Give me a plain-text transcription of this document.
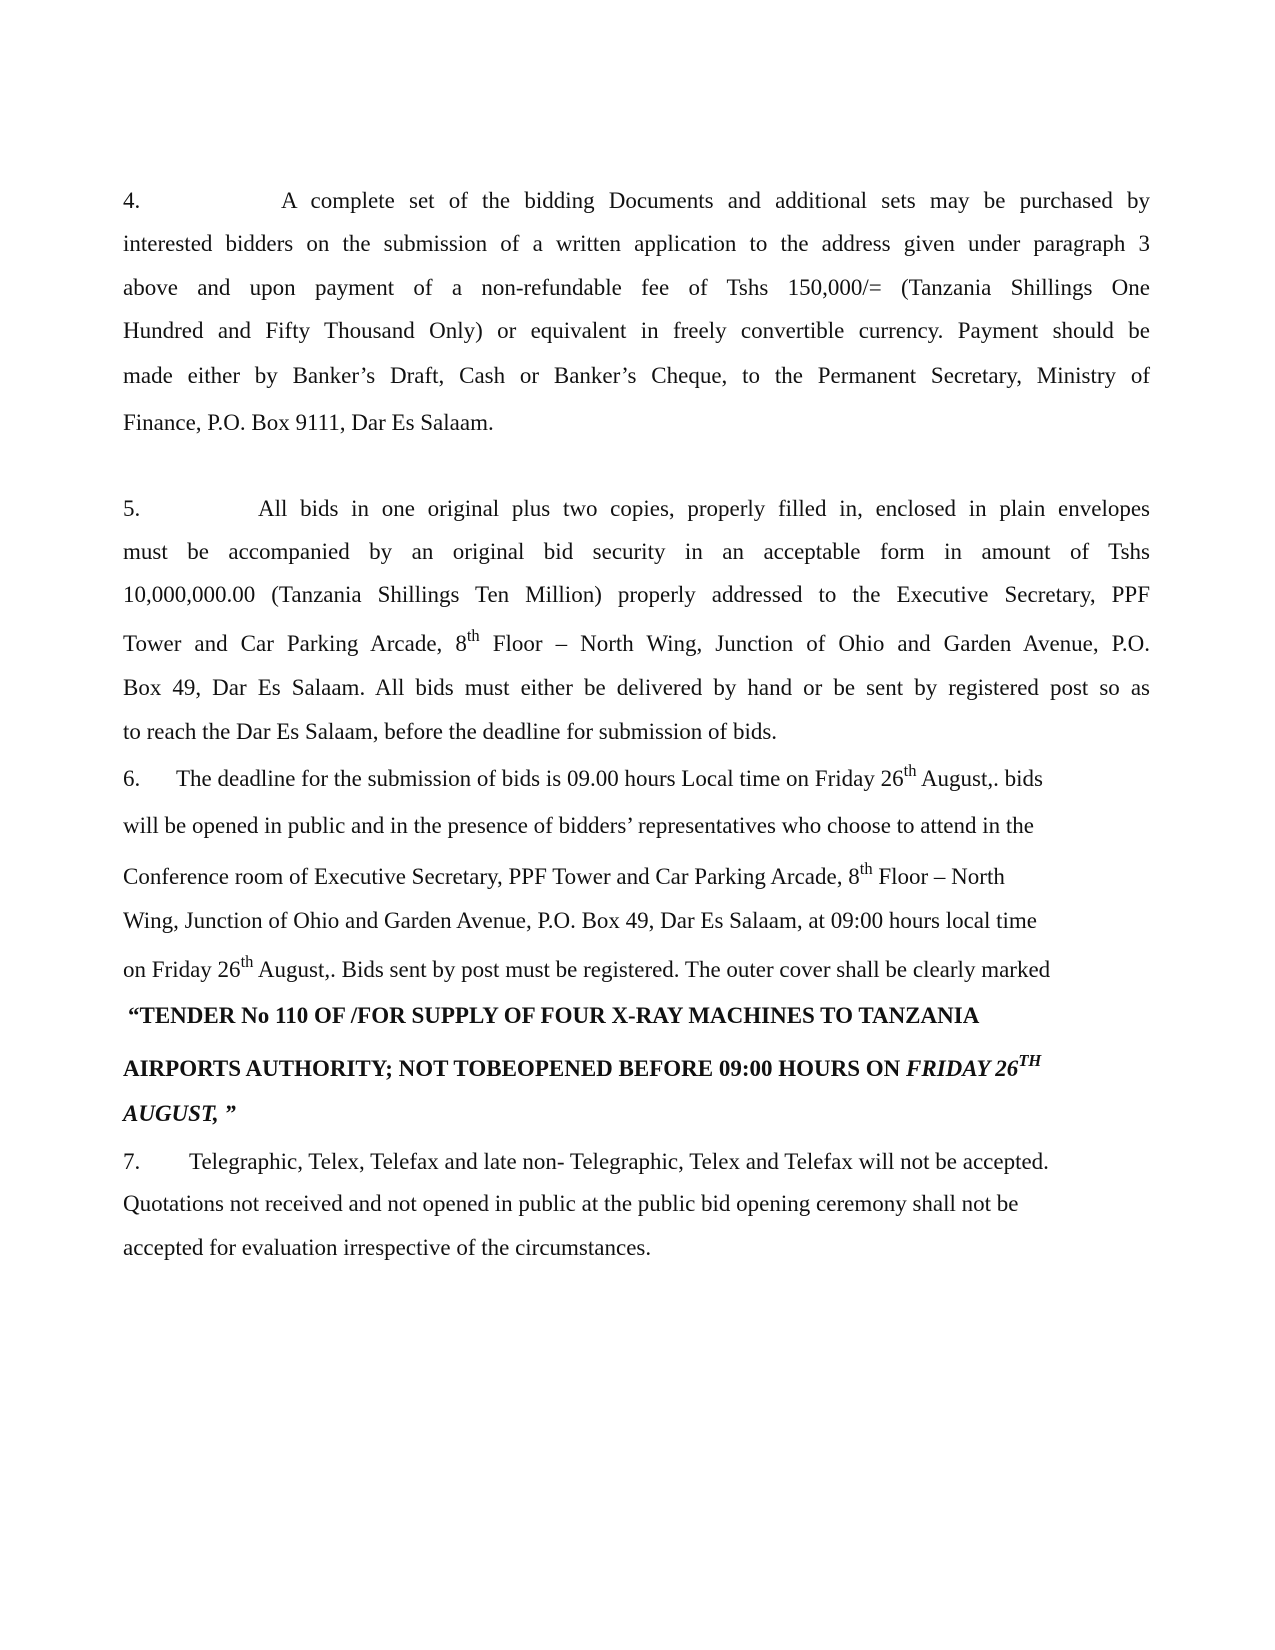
4.	A complete set of the bidding Documents and additional sets may be purchased by
interested bidders on the submission of a written application to the address given under paragraph 3
above and upon payment of a non-refundable fee of Tshs 150,000/= (Tanzania Shillings One
Hundred and Fifty Thousand Only) or equivalent in freely convertible currency. Payment should be
made either by Banker’s Draft, Cash or Banker’s Cheque, to the Permanent Secretary, Ministry of
Finance, P.O. Box 9111, Dar Es Salaam.
5.	All bids in one original plus two copies, properly filled in, enclosed in plain envelopes
must be accompanied by an original bid security in an acceptable form in amount of Tshs
10,000,000.00 (Tanzania Shillings Ten Million) properly addressed to the Executive Secretary, PPF
Tower and Car Parking Arcade, 8th Floor – North Wing, Junction of Ohio and Garden Avenue, P.O.
Box 49, Dar Es Salaam. All bids must either be delivered by hand or be sent by registered post so as
to reach the Dar Es Salaam, before the deadline for submission of bids.
6. The deadline for the submission of bids is 09.00 hours Local time on Friday 26th August,. bids
will be opened in public and in the presence of bidders’ representatives who choose to attend in the
Conference room of Executive Secretary, PPF Tower and Car Parking Arcade, 8th Floor – North
Wing, Junction of Ohio and Garden Avenue, P.O. Box 49, Dar Es Salaam, at 09:00 hours local time
on Friday 26th August,. Bids sent by post must be registered. The outer cover shall be clearly marked
“TENDER No 110 OF /FOR SUPPLY OF FOUR X-RAY MACHINES TO TANZANIA
AIRPORTS AUTHORITY; NOT TOBEOPENED BEFORE 09:00 HOURS ON FRIDAY 26TH
AUGUST, ”
7. Telegraphic, Telex, Telefax and late non- Telegraphic, Telex and Telefax will not be accepted.
Quotations not received and not opened in public at the public bid opening ceremony shall not be
accepted for evaluation irrespective of the circumstances.
